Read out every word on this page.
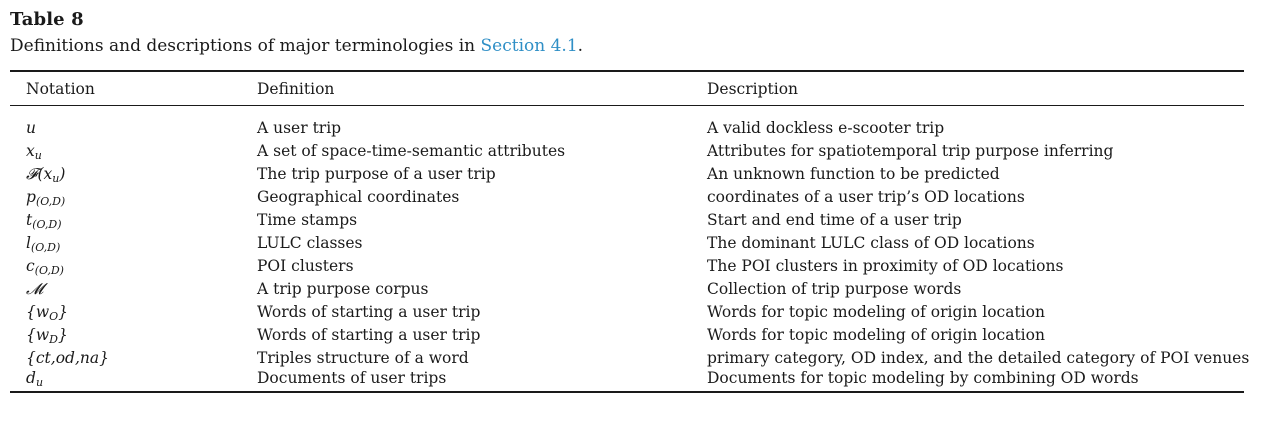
Table 8
Definitions and descriptions of major terminologies in Section 4.1.
Notation	Definition	Description
u	A user trip	A valid dockless e-scooter trip
$x_u$	A set of space-time-semantic attributes	Attributes for spatiotemporal trip purpose inferring
$𝓕(x_u)$	The trip purpose of a user trip	An unknown function to be predicted
$p_{(O,D)}$	Geographical coordinates	coordinates of a user trip’s OD locations
$t_{(O,D)}$	Time stamps	Start and end time of a user trip
$l_{(O,D)}$	LULC classes	The dominant LULC class of OD locations
$c_{(O,D)}$	POI clusters	The POI clusters in proximity of OD locations
𝓜	A trip purpose corpus	Collection of trip purpose words
$\{w_O\}$	Words of starting a user trip	Words for topic modeling of origin location
$\{w_D\}$	Words of starting a user trip	Words for topic modeling of origin location
{ct,od,na}	Triples structure of a word	primary category, OD index, and the detailed category of POI venues
$d_u$	Documents of user trips	Documents for topic modeling by combining OD words
